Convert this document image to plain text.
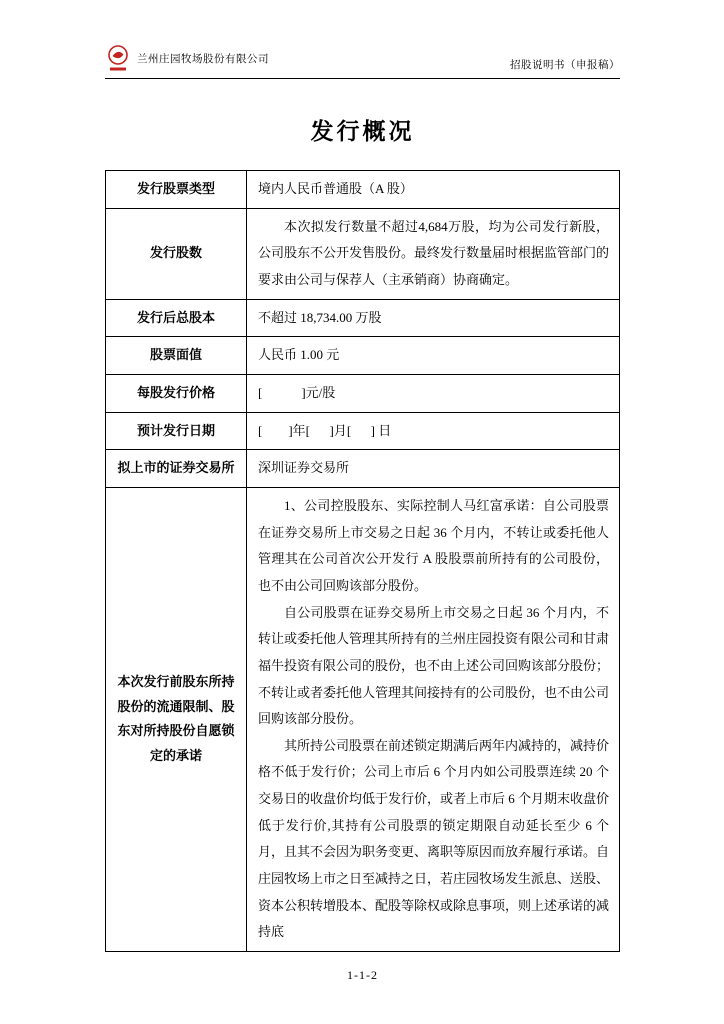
兰州庄园牧场股份有限公司
招股说明书（申报稿）
发行概况
发行股票类型	境内人民币普通股（A 股）
发行股数	本次拟发行数量不超过4,684万股，均为公司发行新股，公司股东不公开发售股份。最终发行数量届时根据监管部门的要求由公司与保荐人（主承销商）协商确定。

发行后总股本	不超过 18,734.00 万股
股票面值	人民币 1.00 元
每股发行价格	[            ]元/股
预计发行日期	[        ]年[      ]月[      ] 日
拟上市的证券交易所	深圳证券交易所
本次发行前股东所持股份的流通限制、股东对所持股份自愿锁定的承诺	1、公司控股股东、实际控制人马红富承诺：自公司股票在证券交易所上市交易之日起 36 个月内，不转让或委托他人管理其在公司首次公开发行 A 股股票前所持有的公司股份，也不由公司回购该部分股份。

自公司股票在证券交易所上市交易之日起 36 个月内，不转让或委托他人管理其所持有的兰州庄园投资有限公司和甘肃福牛投资有限公司的股份，也不由上述公司回购该部分股份；不转让或者委托他人管理其间接持有的公司股份，也不由公司回购该部分股份。

其所持公司股票在前述锁定期满后两年内减持的，减持价格不低于发行价；公司上市后 6 个月内如公司股票连续 20 个交易日的收盘价均低于发行价，或者上市后 6 个月期末收盘价低于发行价,其持有公司股票的锁定期限自动延长至少 6 个月，且其不会因为职务变更、离职等原因而放弃履行承诺。自庄园牧场上市之日至减持之日，若庄园牧场发生派息、送股、资本公积转增股本、配股等除权或除息事项，则上述承诺的减持底

1-1-2
